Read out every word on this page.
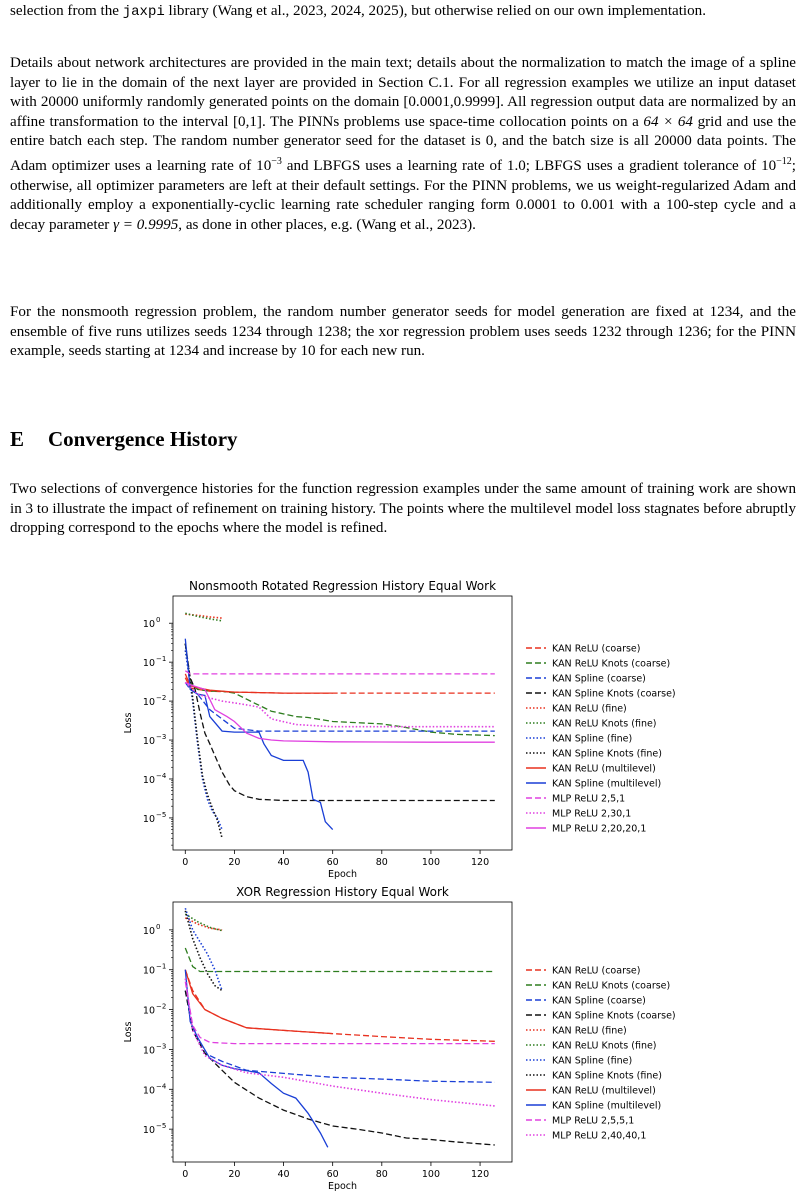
selection from the jaxpi library (Wang et al., 2023, 2024, 2025), but otherwise relied on our own implementation.

Details about network architectures are provided in the main text; details about the normalization to match the image of a spline layer to lie in the domain of the next layer are provided in Section C.1. For all regression examples we utilize an input dataset with 20000 uniformly randomly generated points on the domain [0.0001,0.9999]. All regression output data are normalized by an affine transformation to the interval [0,1]. The PINNs problems use space-time collocation points on a 64 × 64 grid and use the entire batch each step. The random number generator seed for the dataset is 0, and the batch size is all 20000 data points. The Adam optimizer uses a learning rate of $10^{-3}$ and LBFGS uses a learning rate of 1.0; LBFGS uses a gradient tolerance of $10^{-12}$; otherwise, all optimizer parameters are left at their default settings. For the PINN problems, we us weight-regularized Adam and additionally employ a exponentially-cyclic learning rate scheduler ranging form 0.0001 to 0.001 with a 100-step cycle and a decay parameter γ = 0.9995, as done in other places, e.g. (Wang et al., 2023).

For the nonsmooth regression problem, the random number generator seeds for model generation are fixed at 1234, and the ensemble of five runs utilizes seeds 1234 through 1238; the xor regression problem uses seeds 1232 through 1236; for the PINN example, seeds starting at 1234 and increase by 10 for each new run.

E Convergence History

Two selections of convergence histories for the function regression examples under the same amount of training work are shown in 3 to illustrate the impact of refinement on training history. The points where the multilevel model loss stagnates before abruptly dropping correspond to the epochs where the model is refined.

Nonsmooth Rotated Regression History Equal Work
0	20	40	60	80	100	120
Epoch
10 0
10 −1
10 −2
10 −3
10 −4
10 −5
Loss
KAN ReLU (coarse)
KAN ReLU Knots (coarse)
KAN Spline (coarse)
KAN Spline Knots (coarse)
KAN ReLU (fine)
KAN ReLU Knots (fine)
KAN Spline (fine)
KAN Spline Knots (fine)
KAN ReLU (multilevel)
KAN Spline (multilevel)
MLP ReLU 2,5,1
MLP ReLU 2,30,1
MLP ReLU 2,20,20,1
XOR Regression History Equal Work
0	20	40	60	80	100	120
Epoch
10 0
10 −1
10 −2
10 −3
10 −4
10 −5
Loss
KAN ReLU (coarse)
KAN ReLU Knots (coarse)
KAN Spline (coarse)
KAN Spline Knots (coarse)
KAN ReLU (fine)
KAN ReLU Knots (fine)
KAN Spline (fine)
KAN Spline Knots (fine)
KAN ReLU (multilevel)
KAN Spline (multilevel)
MLP ReLU 2,5,5,1
MLP ReLU 2,40,40,1
